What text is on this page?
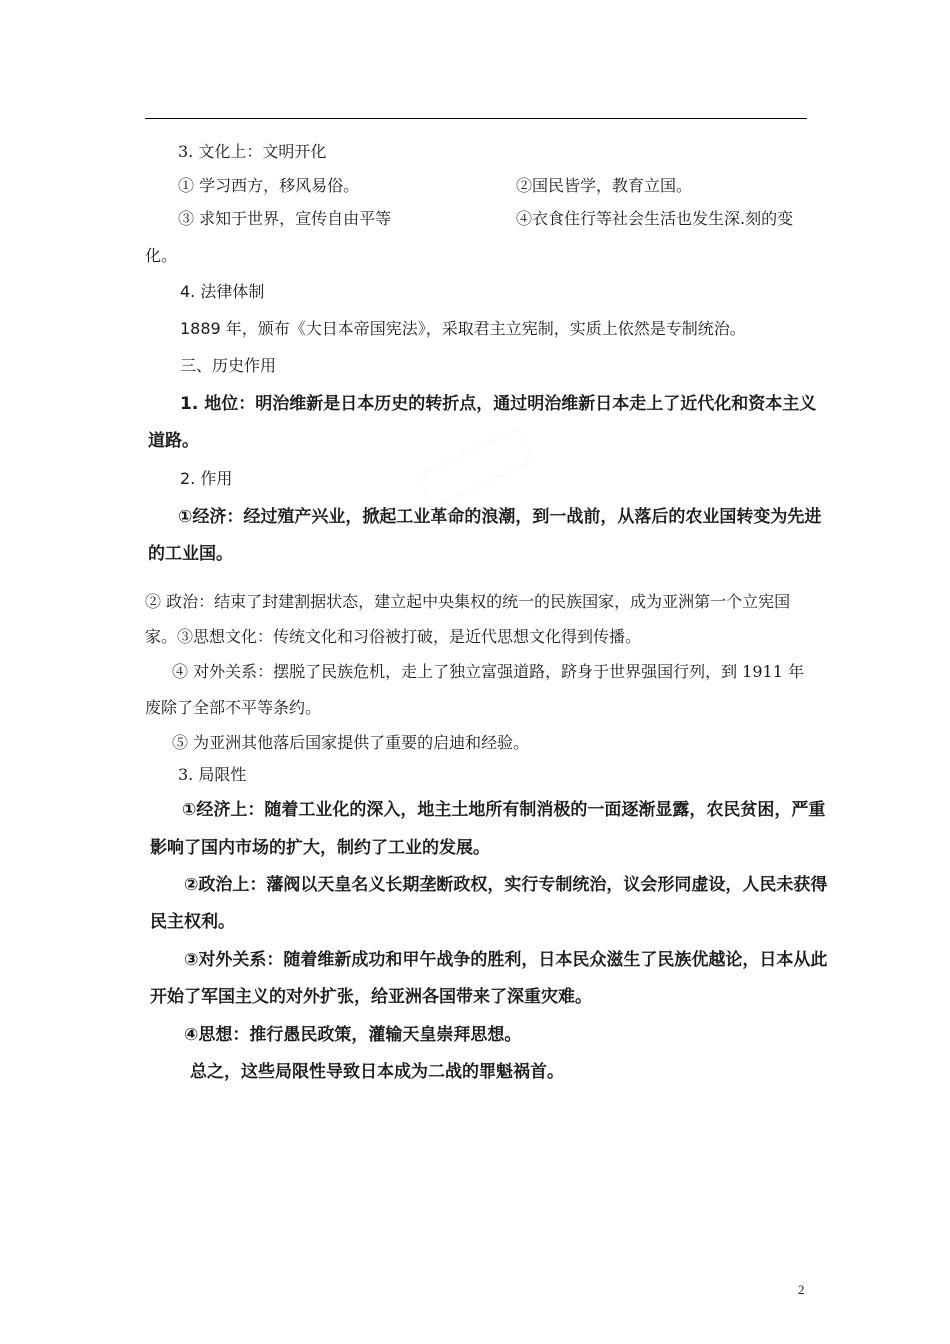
3. 文化上：文明开化
① 学习西方，移风易俗。	②国民皆学，教育立国。
③ 求知于世界，宣传自由平等	④衣食住行等社会生活也发生深.刻的变
化。
4. 法律体制
1889 年，颁布《大日本帝国宪法》，采取君主立宪制，实质上依然是专制统治。
三、历史作用
1. 地位：明治维新是日本历史的转折点，通过明治维新日本走上了近代化和资本主义
道路。
2. 作用
①经济：经过殖产兴业，掀起工业革命的浪潮，到一战前，从落后的农业国转变为先进
的工业国。
② 政治：结束了封建割据状态，建立起中央集权的统一的民族国家，成为亚洲第一个立宪国
家。③思想文化：传统文化和习俗被打破，是近代思想文化得到传播。
④ 对外关系：摆脱了民族危机，走上了独立富强道路，跻身于世界强国行列，到 1911 年
废除了全部不平等条约。
⑤ 为亚洲其他落后国家提供了重要的启迪和经验。
3. 局限性
①经济上：随着工业化的深入，地主土地所有制消极的一面逐渐显露，农民贫困，严重
影响了国内市场的扩大，制约了工业的发展。
②政治上：藩阀以天皇名义长期垄断政权，实行专制统治，议会形同虚设，人民未获得
民主权利。
③对外关系：随着维新成功和甲午战争的胜利，日本民众滋生了民族优越论，日本从此
开始了军国主义的对外扩张，给亚洲各国带来了深重灾难。
④思想：推行愚民政策，灌输天皇崇拜思想。
总之，这些局限性导致日本成为二战的罪魁祸首。
2
